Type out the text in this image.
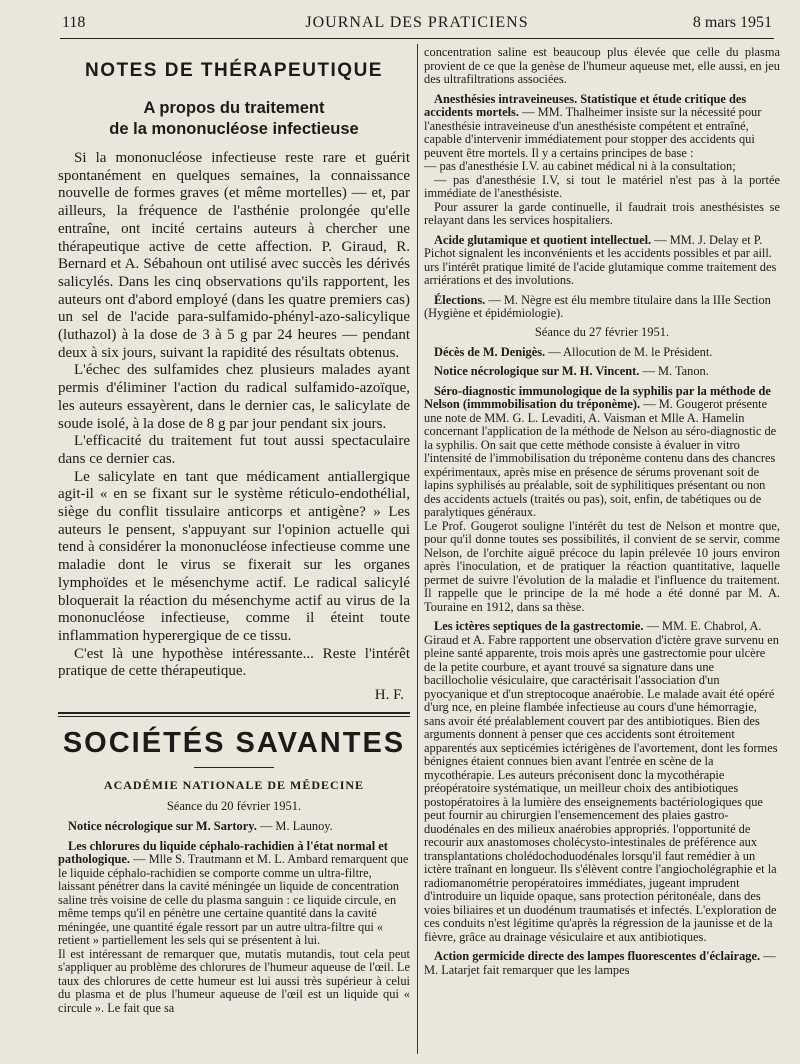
118	JOURNAL DES PRATICIENS	8 mars 1951
NOTES DE THÉRAPEUTIQUE
A propos du traitement
de la mononucléose infectieuse

Si la mononucléose infectieuse reste rare et guérit spontanément en quelques semaines, la connaissance nouvelle de formes graves (et même mortelles) — et, par ailleurs, la fréquence de l'asthénie prolongée qu'elle entraîne, ont incité certains auteurs à chercher une thérapeutique active de cette affection. P. Giraud, R. Bernard et A. Sébahoun ont utilisé avec succès les dérivés salicylés. Dans les cinq observations qu'ils rapportent, les auteurs ont d'abord employé (dans les quatre premiers cas) un sel de l'acide para-sulfamido-phényl-azo-salicylique (luthazol) à la dose de 3 à 5 g par 24 heures — pendant deux à six jours, suivant la rapidité des résultats obtenus.

L'échec des sulfamides chez plusieurs malades ayant permis d'éliminer l'action du radical sulfamido-azoïque, les auteurs essayèrent, dans le dernier cas, le salicylate de soude isolé, à la dose de 8 g par jour pendant six jours.

L'efficacité du traitement fut tout aussi spectaculaire dans ce dernier cas.

Le salicylate en tant que médicament antiallergique agit-il « en se fixant sur le système réticulo-endothélial, siège du conflit tissulaire anticorps et antigène? » Les auteurs le pensent, s'appuyant sur l'opinion actuelle qui tend à considérer la mononucléose infectieuse comme une maladie dont le virus se fixerait sur les organes lymphoïdes et le mésenchyme actif. Le radical salicylé bloquerait la réaction du mésenchyme actif au virus de la mononucléose infectieuse, comme il éteint toute inflammation hyperergique de ce tissu.

C'est là une hypothèse intéressante... Reste l'intérêt pratique de cette thérapeutique.

H. F.
SOCIÉTÉS SAVANTES
ACADÉMIE NATIONALE DE MÉDECINE
Séance du 20 février 1951.
Notice nécrologique sur M. Sartory. — M. Launoy.
Les chlorures du liquide céphalo-rachidien à l'état normal et pathologique. — Mlle S. Trautmann et M. L. Ambard remarquent que le liquide céphalo-rachidien se comporte comme un ultra-filtre, laissant pénétrer dans la cavité méningée un liquide de concentration saline très voisine de celle du plasma sanguin : ce liquide circule, en même temps qu'il en pénètre une certaine quantité dans la cavité méningée, une quantité égale ressort par un autre ultra-filtre qui « retient » partiellement les sels qui se présentent à lui.

Il est intéressant de remarquer que, mutatis mutandis, tout cela peut s'appliquer au problème des chlorures de l'humeur aqueuse de l'œil. Le taux des chlorures de cette humeur est lui aussi très supérieur à celui du plasma et de plus l'humeur aqueuse de l'œil est un liquide qui « circule ». Le fait que sa

concentration saline est beaucoup plus élevée que celle du plasma provient de ce que la genèse de l'humeur aqueuse met, elle aussi, en jeu des ultrafiltrations associées.

Anesthésies intraveineuses. Statistique et étude critique des accidents mortels. — MM. Thalheimer insiste sur la nécessité pour l'anesthésie intraveineuse d'un anesthésiste compétent et entraîné, capable d'intervenir immédiatement pour stopper des accidents qui peuvent être mortels. Il y a certains principes de base :

— pas d'anesthésie I.V. au cabinet médical ni à la consultation;

— pas d'anesthésie I.V, si tout le matériel n'est pas à la portée immédiate de l'anesthésiste.

Pour assurer la garde continuelle, il faudrait trois anesthésistes se relayant dans les services hospitaliers.

Acide glutamique et quotient intellectuel. — MM. J. Delay et P. Pichot signalent les inconvénients et les accidents possibles et par aill. urs l'intérêt pratique limité de l'acide glutamique comme traitement des arriérations et des involutions.
Élections. — M. Nègre est élu membre titulaire dans la IIIe Section (Hygiène et épidémiologie).
Séance du 27 février 1951.
Décès de M. Denigès. — Allocution de M. le Président.
Notice nécrologique sur M. H. Vincent. — M. Tanon.
Séro-diagnostic immunologique de la syphilis par la méthode de Nelson (immmobilisation du tréponème). — M. Gougerot présente une note de MM. G. L. Levaditi, A. Vaisman et Mlle A. Hamelin concernant l'application de la méthode de Nelson au séro-diagnostic de la syphilis. On sait que cette méthode consiste à évaluer in vitro l'intensité de l'immobilisation du tréponème contenu dans des chancres expérimentaux, après mise en présence de sérums provenant soit de lapins syphilisés au préalable, soit de syphilitiques présentant ou non des accidents actuels (traités ou pas), soit, enfin, de tabétiques ou de paralytiques généraux.

Le Prof. Gougerot souligne l'intérêt du test de Nelson et montre que, pour qu'il donne toutes ses possibilités, il convient de se servir, comme Nelson, de l'orchite aiguë précoce du lapin prélevée 10 jours environ après l'inoculation, et de pratiquer la réaction quantitative, laquelle permet de suivre l'évolution de la maladie et l'influence du traitement. Il rappelle que le principe de la mé hode a été donné par M. A. Touraine en 1912, dans sa thèse.

Les ictères septiques de la gastrectomie. — MM. E. Chabrol, A. Giraud et A. Fabre rapportent une observation d'ictère grave survenu en pleine santé apparente, trois mois après une gastrectomie pour ulcère de la petite courbure, et ayant trouvé sa signature dans une bacillocholie vésiculaire, que caractérisait l'association d'un pyocyanique et d'un streptocoque anaérobie. Le malade avait été opéré d'urg nce, en pleine flambée infectieuse au cours d'une hémorragie, sans avoir été préalablement couvert par des antibiotiques. Bien des arguments donnent à penser que ces accidents sont étroitement apparentés aux septicémies ictérigènes de l'avortement, dont les formes bénignes étaient connues bien avant l'entrée en scène de la mycothérapie. Les auteurs préconisent donc la mycothérapie préopératoire systématique, un meilleur choix des antibiotiques postopératoires à la lumière des enseignements bactériologiques que peut fournir au chirurgien l'ensemencement des plaies gastro-duodénales en des milieux anaérobies appropriés. l'opportunité de recourir aux anastomoses cholécysto-intestinales de préférence aux transplantations cholédochoduodénales lorsqu'il faut remédier à un ictère traînant en longueur. Ils s'élèvent contre l'angiocholégraphie et la radiomanométrie peropératoires immédiates, jugeant imprudent d'introduire un liquide opaque, sans protection péritonéale, dans des voies biliaires et un duodénum traumatisés et infectés. L'exploration de ces conduits n'est légitime qu'après la régression de la jaunisse et de la fièvre, grâce au drainage vésiculaire et aux antibiotiques.
Action germicide directe des lampes fluorescentes d'éclairage. — M. Latarjet fait remarquer que les lampes
